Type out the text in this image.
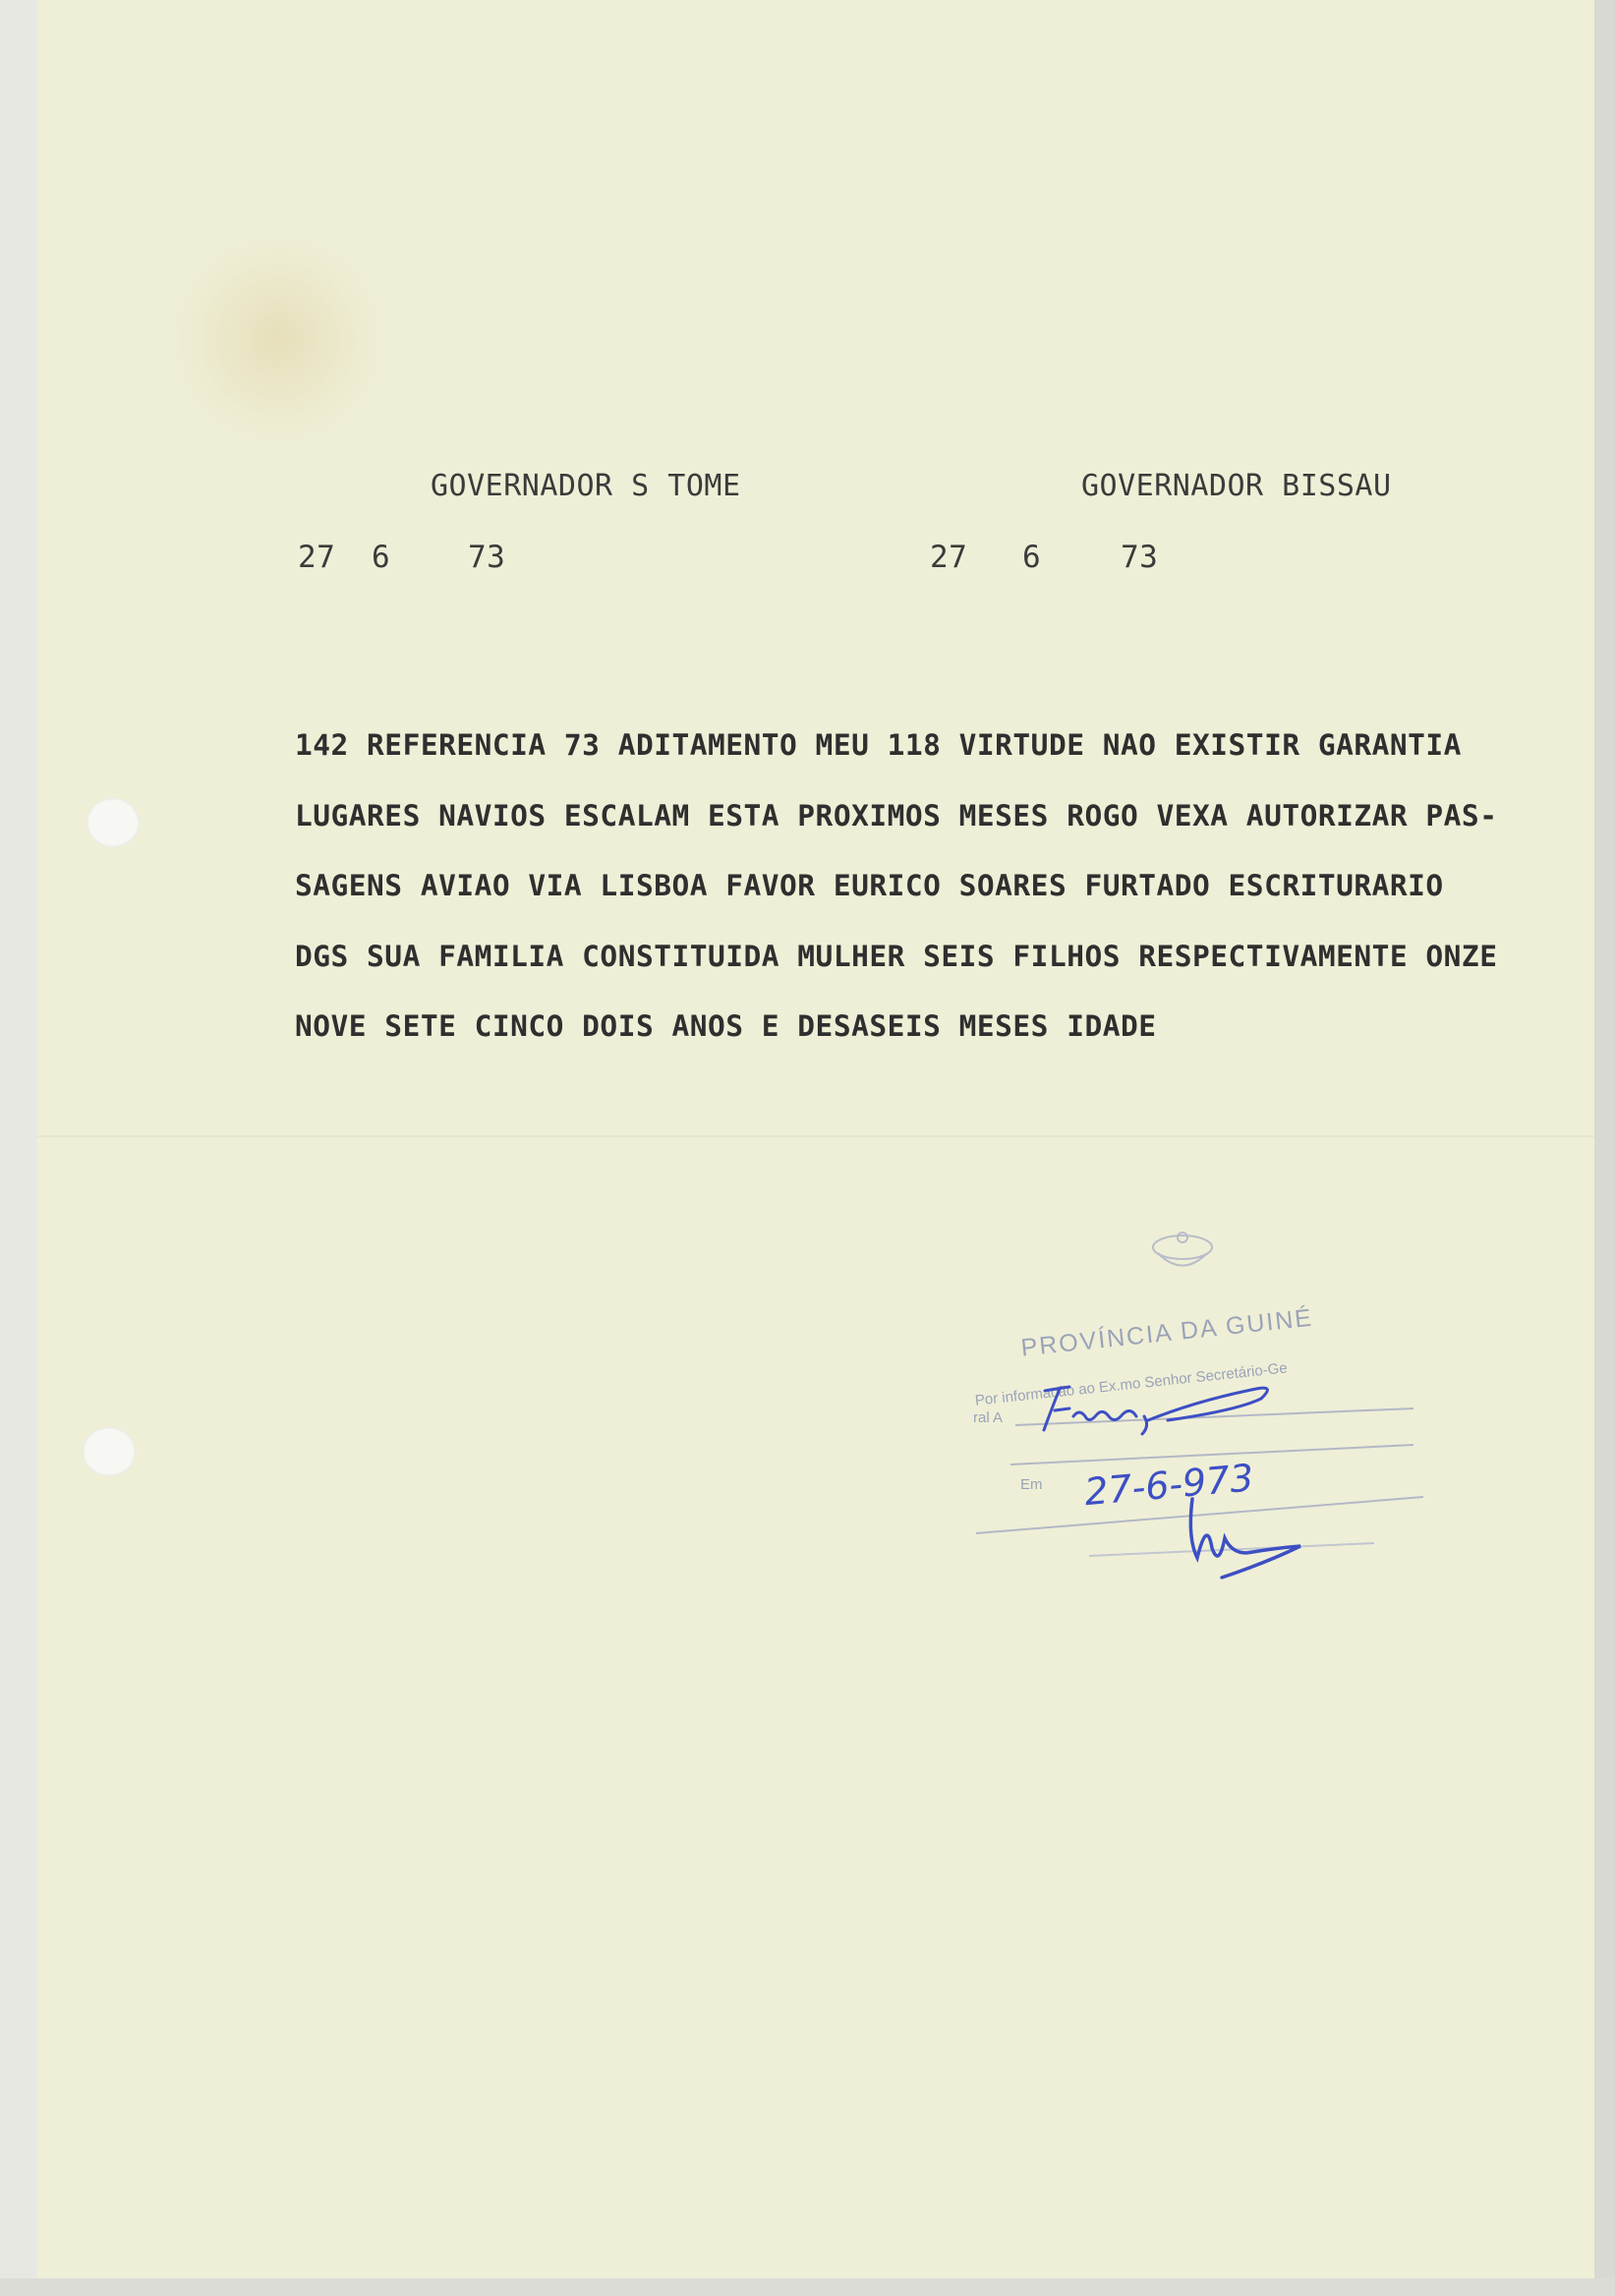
GOVERNADOR S TOME	GOVERNADOR BISSAU
27 6	73	27 6	73
142 REFERENCIA 73 ADITAMENTO MEU 118 VIRTUDE NAO EXISTIR GARANTIA
LUGARES NAVIOS ESCALAM ESTA PROXIMOS MESES ROGO VEXA AUTORIZAR PAS-
SAGENS AVIAO VIA LISBOA FAVOR EURICO SOARES FURTADO ESCRITURARIO
DGS SUA FAMILIA CONSTITUIDA MULHER SEIS FILHOS RESPECTIVAMENTE ONZE
NOVE SETE CINCO DOIS ANOS E DESASEIS MESES IDADE
PROVÍNCIA DA GUINÉ
Por informação ao Ex.mo Senhor Secretário-Ge
ral A
Em 27-6-973
